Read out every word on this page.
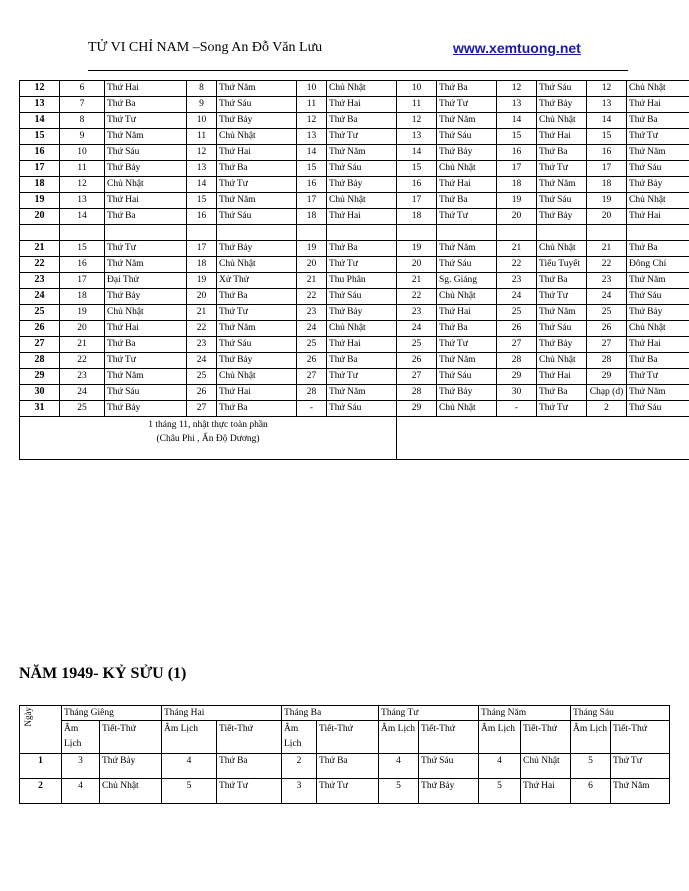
TỬ VI CHỈ NAM –Song An Đỗ Văn Lưu	www.xemtuong.net
12	6	Thứ Hai	8	Thứ Năm	10	Chủ Nhật	10	Thứ Ba	12	Thứ Sáu	12	Chủ Nhật
13	7	Thứ Ba	9	Thứ Sáu	11	Thứ Hai	11	Thứ Tư	13	Thứ Bảy	13	Thứ Hai
14	8	Thứ Tư	10	Thứ Bảy	12	Thứ Ba	12	Thứ Năm	14	Chủ Nhật	14	Thứ Ba
15	9	Thứ Năm	11	Chủ Nhật	13	Thứ Tư	13	Thứ Sáu	15	Thứ Hai	15	Thứ Tư
16	10	Thứ Sáu	12	Thứ Hai	14	Thứ Năm	14	Thứ Bảy	16	Thứ Ba	16	Thứ Năm
17	11	Thứ Bảy	13	Thứ Ba	15	Thứ Sáu	15	Chủ Nhật	17	Thứ Tư	17	Thứ Sáu
18	12	Chủ Nhật	14	Thứ Tư	16	Thứ Bảy	16	Thứ Hai	18	Thứ Năm	18	Thứ Bảy
19	13	Thứ Hai	15	Thứ Năm	17	Chủ Nhật	17	Thứ Ba	19	Thứ Sáu	19	Chủ Nhật
20	14	Thứ Ba	16	Thứ Sáu	18	Thứ Hai	18	Thứ Tư	20	Thứ Bảy	20	Thứ Hai

21	15	Thứ Tư	17	Thứ Bảy	19	Thứ Ba	19	Thứ Năm	21	Chủ Nhật	21	Thứ Ba
22	16	Thứ Năm	18	Chủ Nhật	20	Thứ Tư	20	Thứ Sáu	22	Tiểu Tuyết	22	Đông Chí
23	17	Đại Thử	19	Xử Thử	21	Thu Phân	21	Sg. Giáng	23	Thứ Ba	23	Thứ Năm
24	18	Thứ Bảy	20	Thứ Ba	22	Thứ Sáu	22	Chủ Nhật	24	Thứ Tư	24	Thứ Sáu
25	19	Chủ Nhật	21	Thứ Tư	23	Thứ Bảy	23	Thứ Hai	25	Thứ Năm	25	Thứ Bảy
26	20	Thứ Hai	22	Thứ Năm	24	Chủ Nhật	24	Thứ Ba	26	Thứ Sáu	26	Chủ Nhật
27	21	Thứ Ba	23	Thứ Sáu	25	Thứ Hai	25	Thứ Tư	27	Thứ Bảy	27	Thứ Hai
28	22	Thứ Tư	24	Thứ Bảy	26	Thứ Ba	26	Thứ Năm	28	Chủ Nhật	28	Thứ Ba
29	23	Thứ Năm	25	Chủ Nhật	27	Thứ Tư	27	Thứ Sáu	29	Thứ Hai	29	Thứ Tư
30	24	Thứ Sáu	26	Thứ Hai	28	Thứ Năm	28	Thứ Bảy	30	Thứ Ba	Chạp (d)	Thứ Năm
31	25	Thứ Bảy	27	Thứ Ba	-	Thứ Sáu	29	Chủ Nhật	-	Thứ Tư	2	Thứ Sáu

1 tháng 11, nhật thực toàn phần
(Châu Phi , Ấn Độ Dương)												

NĂM 1949- KỶ SỬU (1)
Ngày	Tháng Giêng		Tháng Hai		Tháng Ba		Tháng Tư		Tháng Năm		Tháng Sáu	
	Âm Lịch	Tiết-Thứ	Âm Lịch	Tiết-Thứ	Âm Lịch	Tiết-Thứ	Âm Lịch	Tiết-Thứ	Âm Lịch	Tiết-Thứ	Âm Lịch	Tiết-Thứ
1	3	Thứ Bảy	4	Thứ Ba	2	Thứ Ba	4	Thứ Sáu	4	Chủ Nhật	5	Thứ Tư
2	4	Chủ Nhật	5	Thứ Tư	3	Thứ Tư	5	Thứ Bảy	5	Thứ Hai	6	Thứ Năm
